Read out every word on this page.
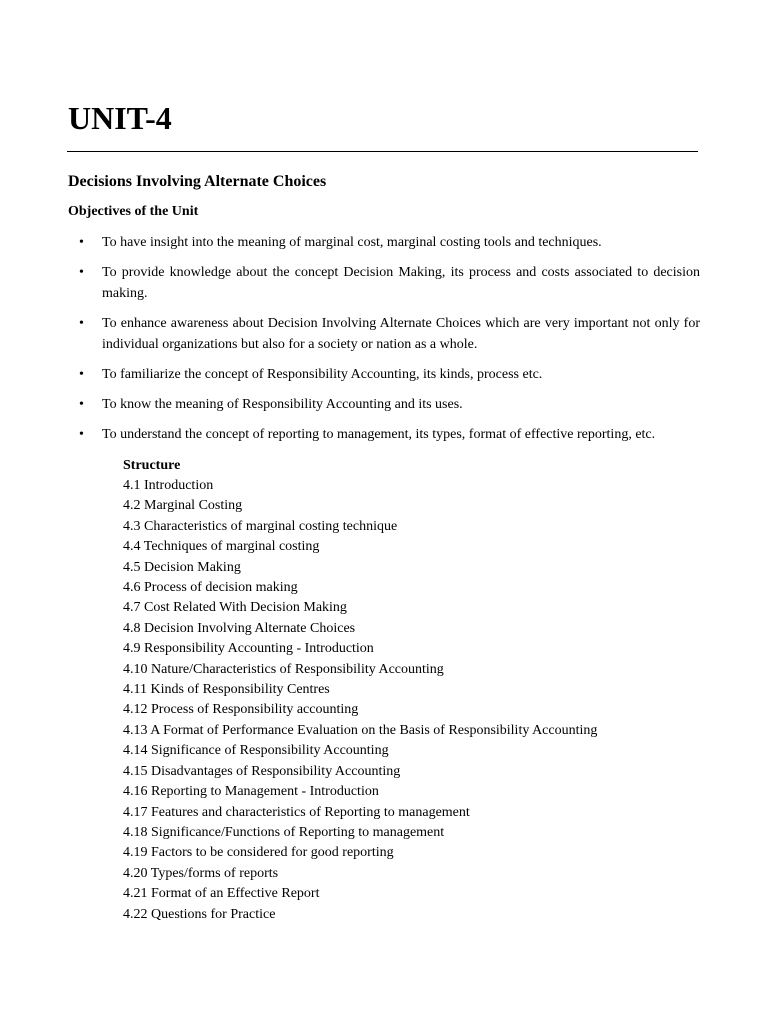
UNIT-4
Decisions Involving Alternate Choices
Objectives of the Unit
• To have insight into the meaning of marginal cost, marginal costing tools and techniques.
• To provide knowledge about the concept Decision Making, its process and costs associated to decision making.
• To enhance awareness about Decision Involving Alternate Choices which are very important not only for individual organizations but also for a society or nation as a whole.
• To familiarize the concept of Responsibility Accounting, its kinds, process etc.
• To know the meaning of Responsibility Accounting and its uses.
• To understand the concept of reporting to management, its types, format of effective reporting, etc.
Structure
4.1 Introduction
4.2 Marginal Costing
4.3 Characteristics of marginal costing technique
4.4 Techniques of marginal costing
4.5 Decision Making
4.6 Process of decision making
4.7 Cost Related With Decision Making
4.8 Decision Involving Alternate Choices
4.9 Responsibility Accounting - Introduction
4.10 Nature/Characteristics of Responsibility Accounting
4.11 Kinds of Responsibility Centres
4.12 Process of Responsibility accounting
4.13 A Format of Performance Evaluation on the Basis of Responsibility Accounting
4.14 Significance of Responsibility Accounting
4.15 Disadvantages of Responsibility Accounting
4.16 Reporting to Management - Introduction
4.17 Features and characteristics of Reporting to management
4.18 Significance/Functions of Reporting to management
4.19 Factors to be considered for good reporting
4.20 Types/forms of reports
4.21 Format of an Effective Report
4.22 Questions for Practice
